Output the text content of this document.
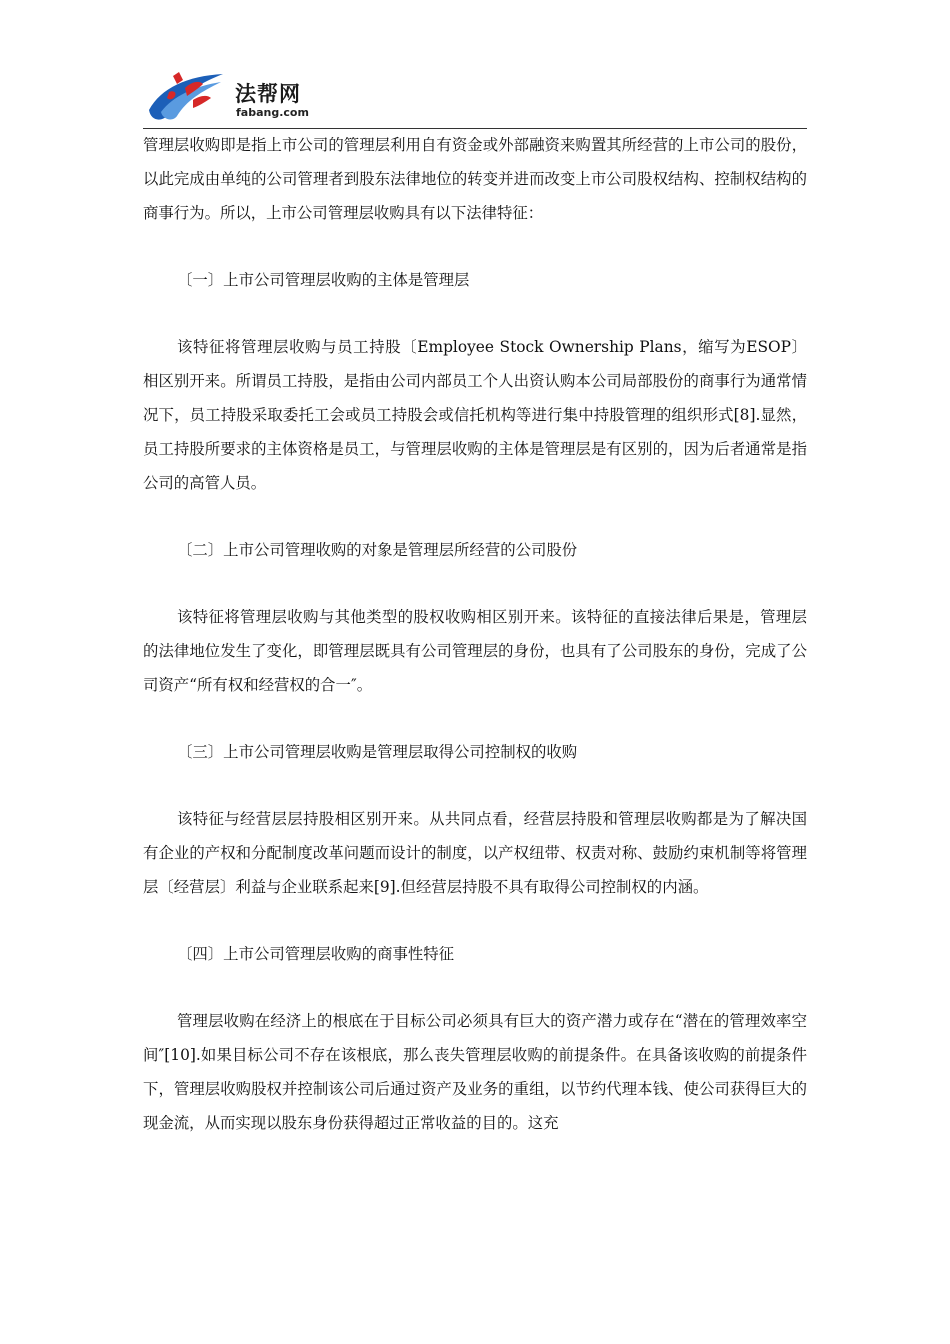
法帮网
fabang.com

管理层收购即是指上市公司的管理层利用自有资金或外部融资来购置其所经营的上市公司的股份，以此完成由单纯的公司管理者到股东法律地位的转变并进而改变上市公司股权结构、控制权结构的商事行为。所以，上市公司管理层收购具有以下法律特征：

〔一〕上市公司管理层收购的主体是管理层

该特征将管理层收购与员工持股〔Employee Stock Ownership Plans，缩写为ESOP〕相区别开来。所谓员工持股，是指由公司内部员工个人出资认购本公司局部股份的商事行为通常情况下，员工持股采取委托工会或员工持股会或信托机构等进行集中持股管理的组织形式[8].显然，员工持股所要求的主体资格是员工，与管理层收购的主体是管理层是有区别的，因为后者通常是指公司的高管人员。

〔二〕上市公司管理收购的对象是管理层所经营的公司股份

该特征将管理层收购与其他类型的股权收购相区别开来。该特征的直接法律后果是，管理层的法律地位发生了变化，即管理层既具有公司管理层的身份，也具有了公司股东的身份，完成了公司资产“所有权和经营权的合一″。

〔三〕上市公司管理层收购是管理层取得公司控制权的收购

该特征与经营层层持股相区别开来。从共同点看，经营层持股和管理层收购都是为了解决国有企业的产权和分配制度改革问题而设计的制度，以产权纽带、权责对称、鼓励约束机制等将管理层〔经营层〕利益与企业联系起来[9].但经营层持股不具有取得公司控制权的内涵。

〔四〕上市公司管理层收购的商事性特征

管理层收购在经济上的根底在于目标公司必须具有巨大的资产潜力或存在“潜在的管理效率空间″[10].如果目标公司不存在该根底，那么丧失管理层收购的前提条件。在具备该收购的前提条件下，管理层收购股权并控制该公司后通过资产及业务的重组，以节约代理本钱、使公司获得巨大的现金流，从而实现以股东身份获得超过正常收益的目的。这充
